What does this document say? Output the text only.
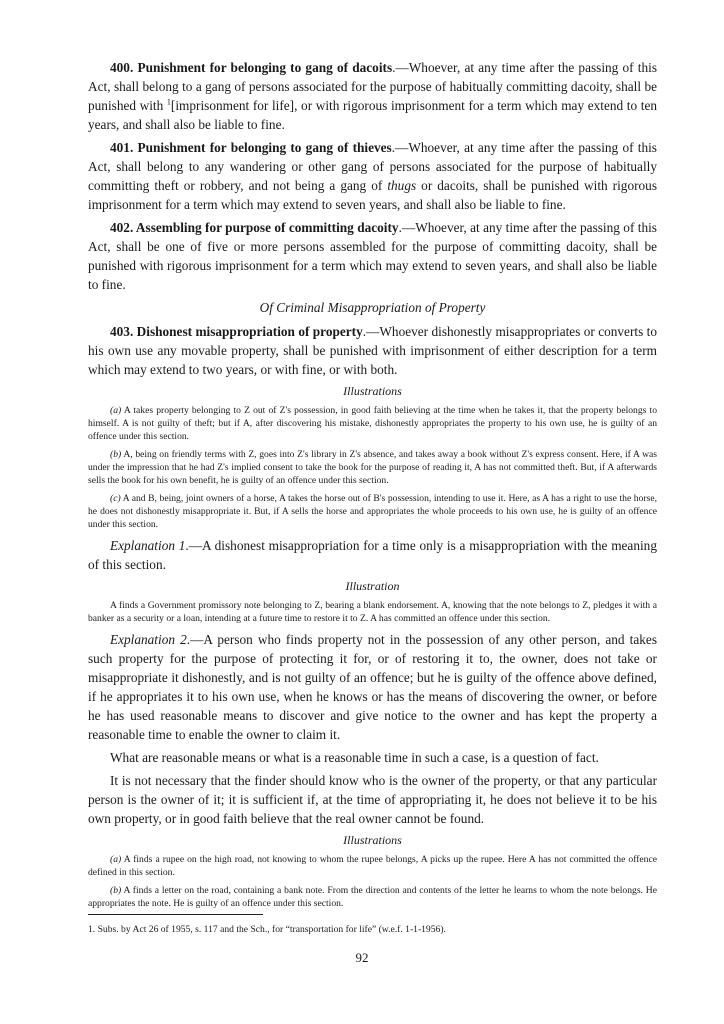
400. Punishment for belonging to gang of dacoits.—Whoever, at any time after the passing of this Act, shall belong to a gang of persons associated for the purpose of habitually committing dacoity, shall be punished with $^1$[imprisonment for life], or with rigorous imprisonment for a term which may extend to ten years, and shall also be liable to fine.

401. Punishment for belonging to gang of thieves.—Whoever, at any time after the passing of this Act, shall belong to any wandering or other gang of persons associated for the purpose of habitually committing theft or robbery, and not being a gang of thugs or dacoits, shall be punished with rigorous imprisonment for a term which may extend to seven years, and shall also be liable to fine.

402. Assembling for purpose of committing dacoity.—Whoever, at any time after the passing of this Act, shall be one of five or more persons assembled for the purpose of committing dacoity, shall be punished with rigorous imprisonment for a term which may extend to seven years, and shall also be liable to fine.

Of Criminal Misappropriation of Property

403. Dishonest misappropriation of property.—Whoever dishonestly misappropriates or converts to his own use any movable property, shall be punished with imprisonment of either description for a term which may extend to two years, or with fine, or with both.

Illustrations

(a) A takes property belonging to Z out of Z's possession, in good faith believing at the time when he takes it, that the property belongs to himself. A is not guilty of theft; but if A, after discovering his mistake, dishonestly appropriates the property to his own use, he is guilty of an offence under this section.

(b) A, being on friendly terms with Z, goes into Z's library in Z's absence, and takes away a book without Z's express consent. Here, if A was under the impression that he had Z's implied consent to take the book for the purpose of reading it, A has not committed theft. But, if A afterwards sells the book for his own benefit, he is guilty of an offence under this section.

(c) A and B, being, joint owners of a horse, A takes the horse out of B's possession, intending to use it. Here, as A has a right to use the horse, he does not dishonestly misappropriate it. But, if A sells the horse and appropriates the whole proceeds to his own use, he is guilty of an offence under this section.

Explanation 1.—A dishonest misappropriation for a time only is a misappropriation with the meaning of this section.

Illustration

A finds a Government promissory note belonging to Z, bearing a blank endorsement. A, knowing that the note belongs to Z, pledges it with a banker as a security or a loan, intending at a future time to restore it to Z. A has committed an offence under this section.

Explanation 2.—A person who finds property not in the possession of any other person, and takes such property for the purpose of protecting it for, or of restoring it to, the owner, does not take or misappropriate it dishonestly, and is not guilty of an offence; but he is guilty of the offence above defined, if he appropriates it to his own use, when he knows or has the means of discovering the owner, or before he has used reasonable means to discover and give notice to the owner and has kept the property a reasonable time to enable the owner to claim it.

What are reasonable means or what is a reasonable time in such a case, is a question of fact.

It is not necessary that the finder should know who is the owner of the property, or that any particular person is the owner of it; it is sufficient if, at the time of appropriating it, he does not believe it to be his own property, or in good faith believe that the real owner cannot be found.

Illustrations

(a) A finds a rupee on the high road, not knowing to whom the rupee belongs, A picks up the rupee. Here A has not committed the offence defined in this section.

(b) A finds a letter on the road, containing a bank note. From the direction and contents of the letter he learns to whom the note belongs. He appropriates the note. He is guilty of an offence under this section.

1. Subs. by Act 26 of 1955, s. 117 and the Sch., for “transportation for life” (w.e.f. 1-1-1956).
92
